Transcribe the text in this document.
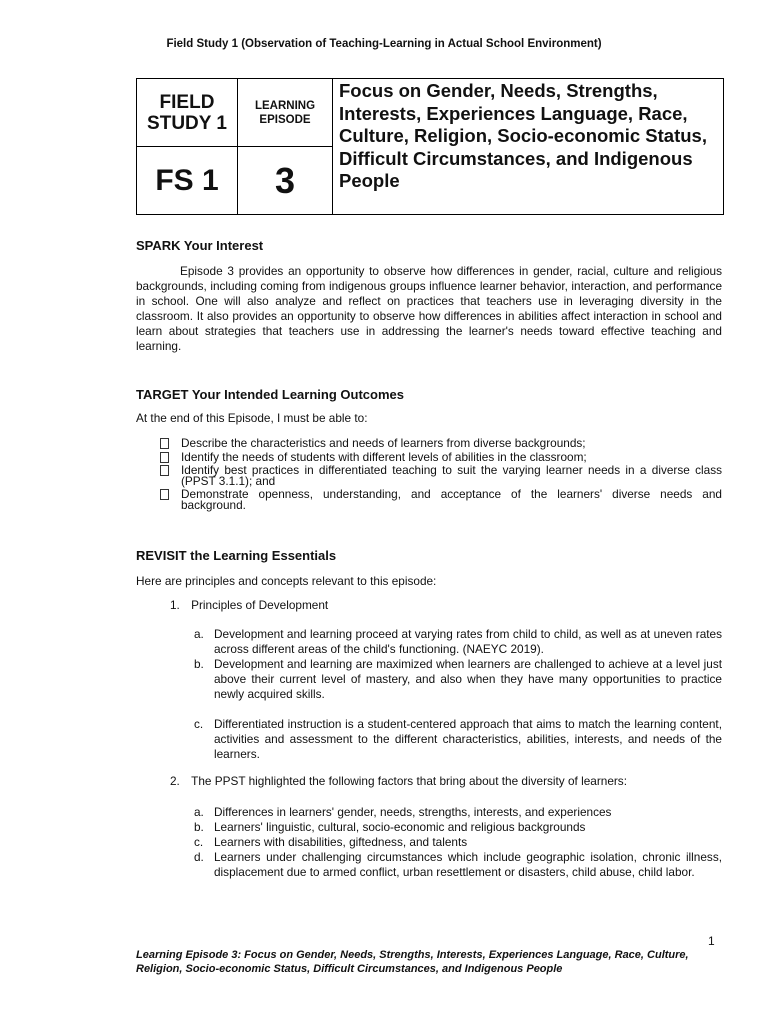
Field Study 1 (Observation of Teaching-Learning in Actual School Environment)
FIELD STUDY 1	LEARNING EPISODE	Focus on Gender, Needs, Strengths, Interests, Experiences Language, Race, Culture, Religion, Socio-economic Status, Difficult Circumstances, and Indigenous People

FS 1	3	
SPARK Your Interest
Episode 3 provides an opportunity to observe how differences in gender, racial, culture and religious backgrounds, including coming from indigenous groups influence learner behavior, interaction, and performance in school. One will also analyze and reflect on practices that teachers use in leveraging diversity in the classroom. It also provides an opportunity to observe how differences in abilities affect interaction in school and learn about strategies that teachers use in addressing the learner's needs toward effective teaching and learning.
TARGET Your Intended Learning Outcomes
At the end of this Episode, I must be able to:
Describe the characteristics and needs of learners from diverse backgrounds;
Identify the needs of students with different levels of abilities in the classroom;
Identify best practices in differentiated teaching to suit the varying learner needs in a diverse class (PPST 3.1.1); and
Demonstrate openness, understanding, and acceptance of the learners' diverse needs and background.
REVISIT the Learning Essentials
Here are principles and concepts relevant to this episode:
1. Principles of Development
a. Development and learning proceed at varying rates from child to child, as well as at uneven rates across different areas of the child's functioning. (NAEYC 2019).
b. Development and learning are maximized when learners are challenged to achieve at a level just above their current level of mastery, and also when they have many opportunities to practice newly acquired skills.
c. Differentiated instruction is a student-centered approach that aims to match the learning content, activities and assessment to the different characteristics, abilities, interests, and needs of the learners.
2. The PPST highlighted the following factors that bring about the diversity of learners:
a. Differences in learners' gender, needs, strengths, interests, and experiences
b. Learners' linguistic, cultural, socio-economic and religious backgrounds
c. Learners with disabilities, giftedness, and talents
d. Learners under challenging circumstances which include geographic isolation, chronic illness, displacement due to armed conflict, urban resettlement or disasters, child abuse, child labor.
1
Learning Episode 3: Focus on Gender, Needs, Strengths, Interests, Experiences Language, Race, Culture, Religion, Socio-economic Status, Difficult Circumstances, and Indigenous People
